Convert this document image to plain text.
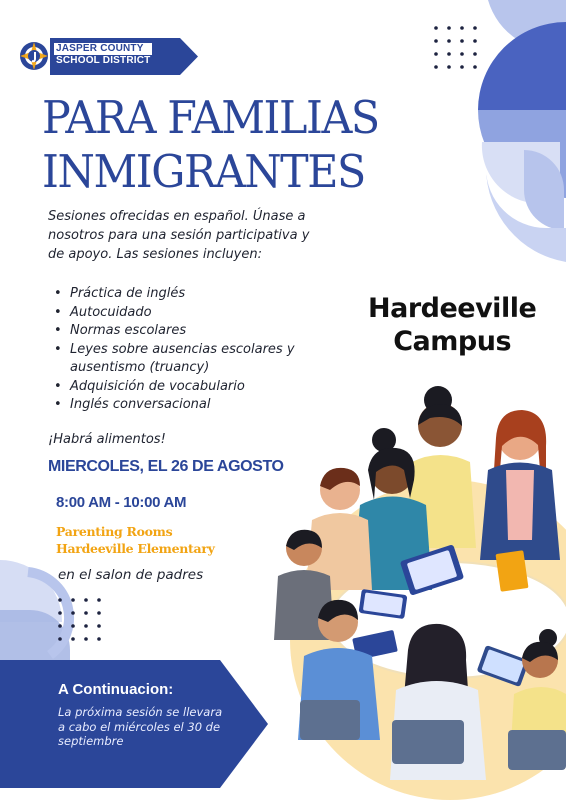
JASPER COUNTY
SCHOOL DISTRICT
PARA FAMILIAS
INMIGRANTES

Sesiones ofrecidas en español. Únase a nosotros para una sesión participativa y de apoyo. Las sesiones incluyen:

• Práctica de inglés
• Autocuidado
• Normas escolares
• Leyes sobre ausencias escolares y ausentismo (truancy)
• Adquisición de vocabulario
• Inglés conversacional

¡Habrá alimentos!

MIERCOLES, EL 26 DE AGOSTO

8:00 AM - 10:00 AM

Parenting Rooms
Hardeeville Elementary

en el salon de padres

Hardeeville
Campus

A Continuacion:

La próxima sesión se llevara a cabo el miércoles el 30 de septiembre
